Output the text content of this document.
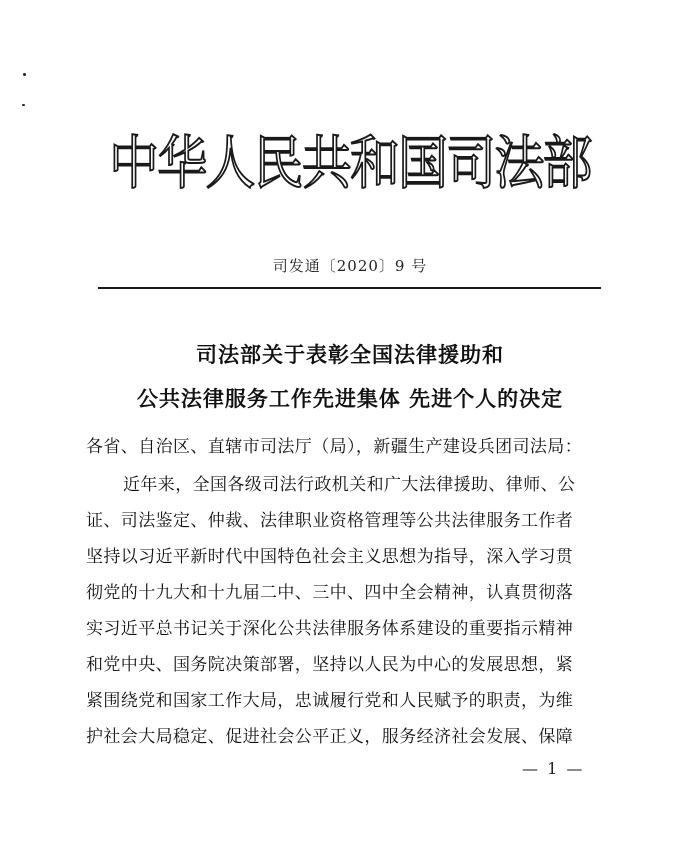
中华人民共和国司法部
司发通〔2020〕9 号
司法部关于表彰全国法律援助和
公共法律服务工作先进集体 先进个人的决定
各省、自治区、直辖市司法厅（局），新疆生产建设兵团司法局：
近年来，全国各级司法行政机关和广大法律援助、律师、公
证、司法鉴定、仲裁、法律职业资格管理等公共法律服务工作者
坚持以习近平新时代中国特色社会主义思想为指导，深入学习贯
彻党的十九大和十九届二中、三中、四中全会精神，认真贯彻落
实习近平总书记关于深化公共法律服务体系建设的重要指示精神
和党中央、国务院决策部署，坚持以人民为中心的发展思想，紧
紧围绕党和国家工作大局，忠诚履行党和人民赋予的职责，为维
护社会大局稳定、促进社会公平正义，服务经济社会发展、保障
— 1 —
